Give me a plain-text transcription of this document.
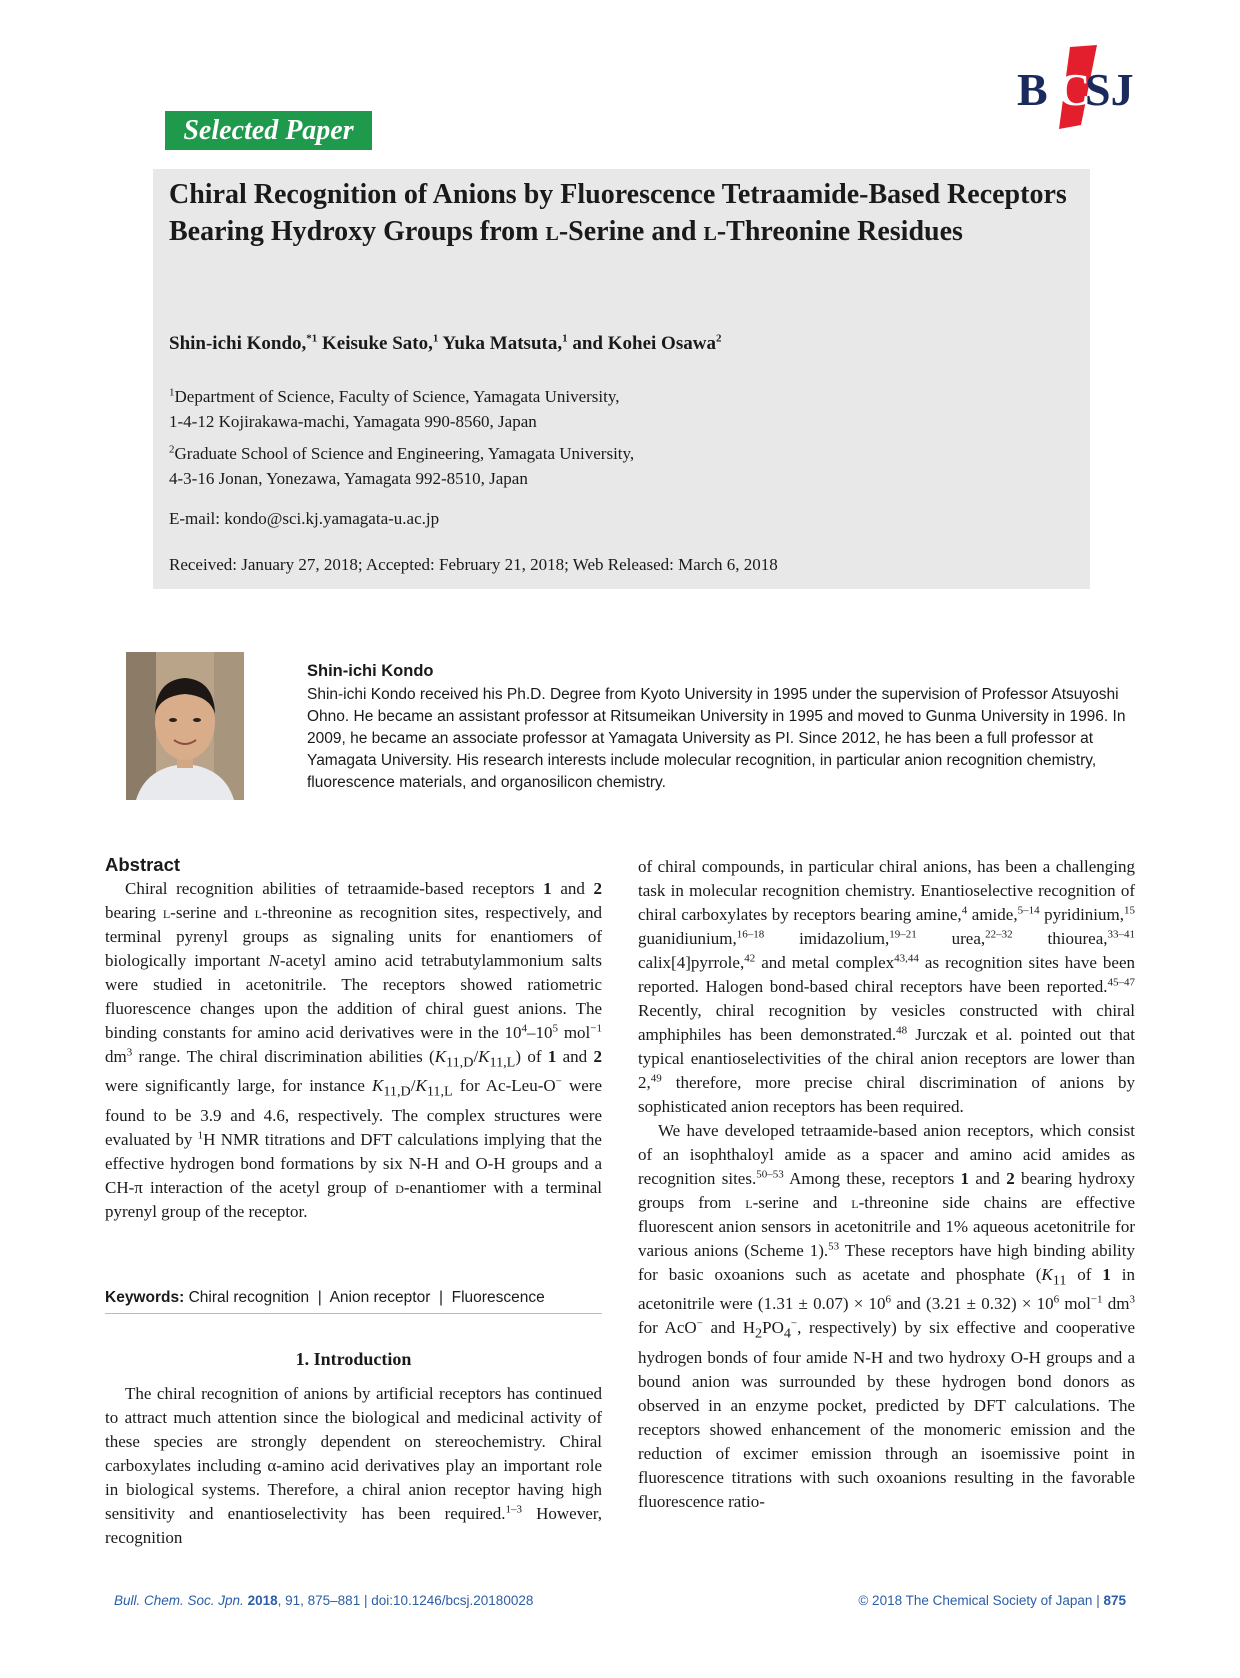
B C
SJ
Selected Paper
Chiral Recognition of Anions by Fluorescence Tetraamide-Based Receptors Bearing Hydroxy Groups from l-Serine and l-Threonine Residues
Shin-ichi Kondo,$^{*1}$ Keisuke Sato,$^1$ Yuka Matsuta,$^1$ and Kohei Osawa$^2$
$^1$Department of Science, Faculty of Science, Yamagata University,
1-4-12 Kojirakawa-machi, Yamagata 990-8560, Japan
$^2$Graduate School of Science and Engineering, Yamagata University,
4-3-16 Jonan, Yonezawa, Yamagata 992-8510, Japan
E-mail: kondo@sci.kj.yamagata-u.ac.jp
Received: January 27, 2018; Accepted: February 21, 2018; Web Released: March 6, 2018
Shin-ichi Kondo

Shin-ichi Kondo received his Ph.D. Degree from Kyoto University in 1995 under the supervision of Professor Atsuyoshi Ohno. He became an assistant professor at Ritsumeikan University in 1995 and moved to Gunma University in 1996. In 2009, he became an associate professor at Yamagata University as PI. Since 2012, he has been a full professor at Yamagata University. His research interests include molecular recognition, in particular anion recognition chemistry, fluorescence materials, and organosilicon chemistry.

Abstract

Chiral recognition abilities of tetraamide-based receptors 1 and 2 bearing l-serine and l-threonine as recognition sites, respectively, and terminal pyrenyl groups as signaling units for enantiomers of biologically important N-acetyl amino acid tetrabutylammonium salts were studied in acetonitrile. The receptors showed ratiometric fluorescence changes upon the addition of chiral guest anions. The binding constants for amino acid derivatives were in the $10^4-10^5$ mol$^{-1}$ $dm^3$ range. The chiral discrimination abilities $(K_{11,D}/K_{11,L})$ of 1 and 2 were significantly large, for instance $K_{11,D}/K_{11,L}$ for Ac-Leu-O− were found to be 3.9 and 4.6, respectively. The complex structures were evaluated by $^1$H NMR titrations and DFT calculations implying that the effective hydrogen bond formations by six N-H and O-H groups and a CH-π interaction of the acetyl group of d-enantiomer with a terminal pyrenyl group of the receptor.

Keywords: Chiral recognition  |  Anion receptor  |  Fluorescence
1. Introduction

The chiral recognition of anions by artificial receptors has continued to attract much attention since the biological and medicinal activity of these species are strongly dependent on stereochemistry. Chiral carboxylates including α-amino acid derivatives play an important role in biological systems. Therefore, a chiral anion receptor having high sensitivity and enantioselectivity has been required.$^{1-3}$ However, recognition

of chiral compounds, in particular chiral anions, has been a challenging task in molecular recognition chemistry. Enantioselective recognition of chiral carboxylates by receptors bearing amine,$^4$ amide,$^{5-14}$ pyridinium,$^{15}$ guanidiunium,$^{16-18}$ imidazolium,$^{19-21}$ urea,$^{22-32}$ thiourea,$^{33-41}$ calix[4]pyrrole,$^{42}$ and metal complex$^{43,44}$ as recognition sites have been reported. Halogen bond-based chiral receptors have been reported.$^{45-47}$ Recently, chiral recognition by vesicles constructed with chiral amphiphiles has been demonstrated.$^{48}$ Jurczak et al. pointed out that typical enantioselectivities of the chiral anion receptors are lower than 2,49 therefore, more precise chiral discrimination of anions by sophisticated anion receptors has been required.

We have developed tetraamide-based anion receptors, which consist of an isophthaloyl amide as a spacer and amino acid amides as recognition sites.$^{50-53}$ Among these, receptors 1 and 2 bearing hydroxy groups from l-serine and l-threonine side chains are effective fluorescent anion sensors in acetonitrile and 1% aqueous acetonitrile for various anions (Scheme 1).$^{53}$ These receptors have high binding ability for basic oxoanions such as acetate and phosphate ($K_{11}$ of 1 in acetonitrile were $(1.31 \pm 0.07) \times 10^6$ and $(3.21 \pm 0.32) \times 10^6$ mol$^{-1}$ $dm^3$ for AcO− and $H_2PO_4^-$, respectively) by six effective and cooperative hydrogen bonds of four amide N-H and two hydroxy O-H groups and a bound anion was surrounded by these hydrogen bond donors as observed in an enzyme pocket, predicted by DFT calculations. The receptors showed enhancement of the monomeric emission and the reduction of excimer emission through an isoemissive point in fluorescence titrations with such oxoanions resulting in the favorable fluorescence ratio-

Bull. Chem. Soc. Jpn. 2018, 91, 875–881 | doi:10.1246/bcsj.20180028	© 2018 The Chemical Society of Japan | 875
